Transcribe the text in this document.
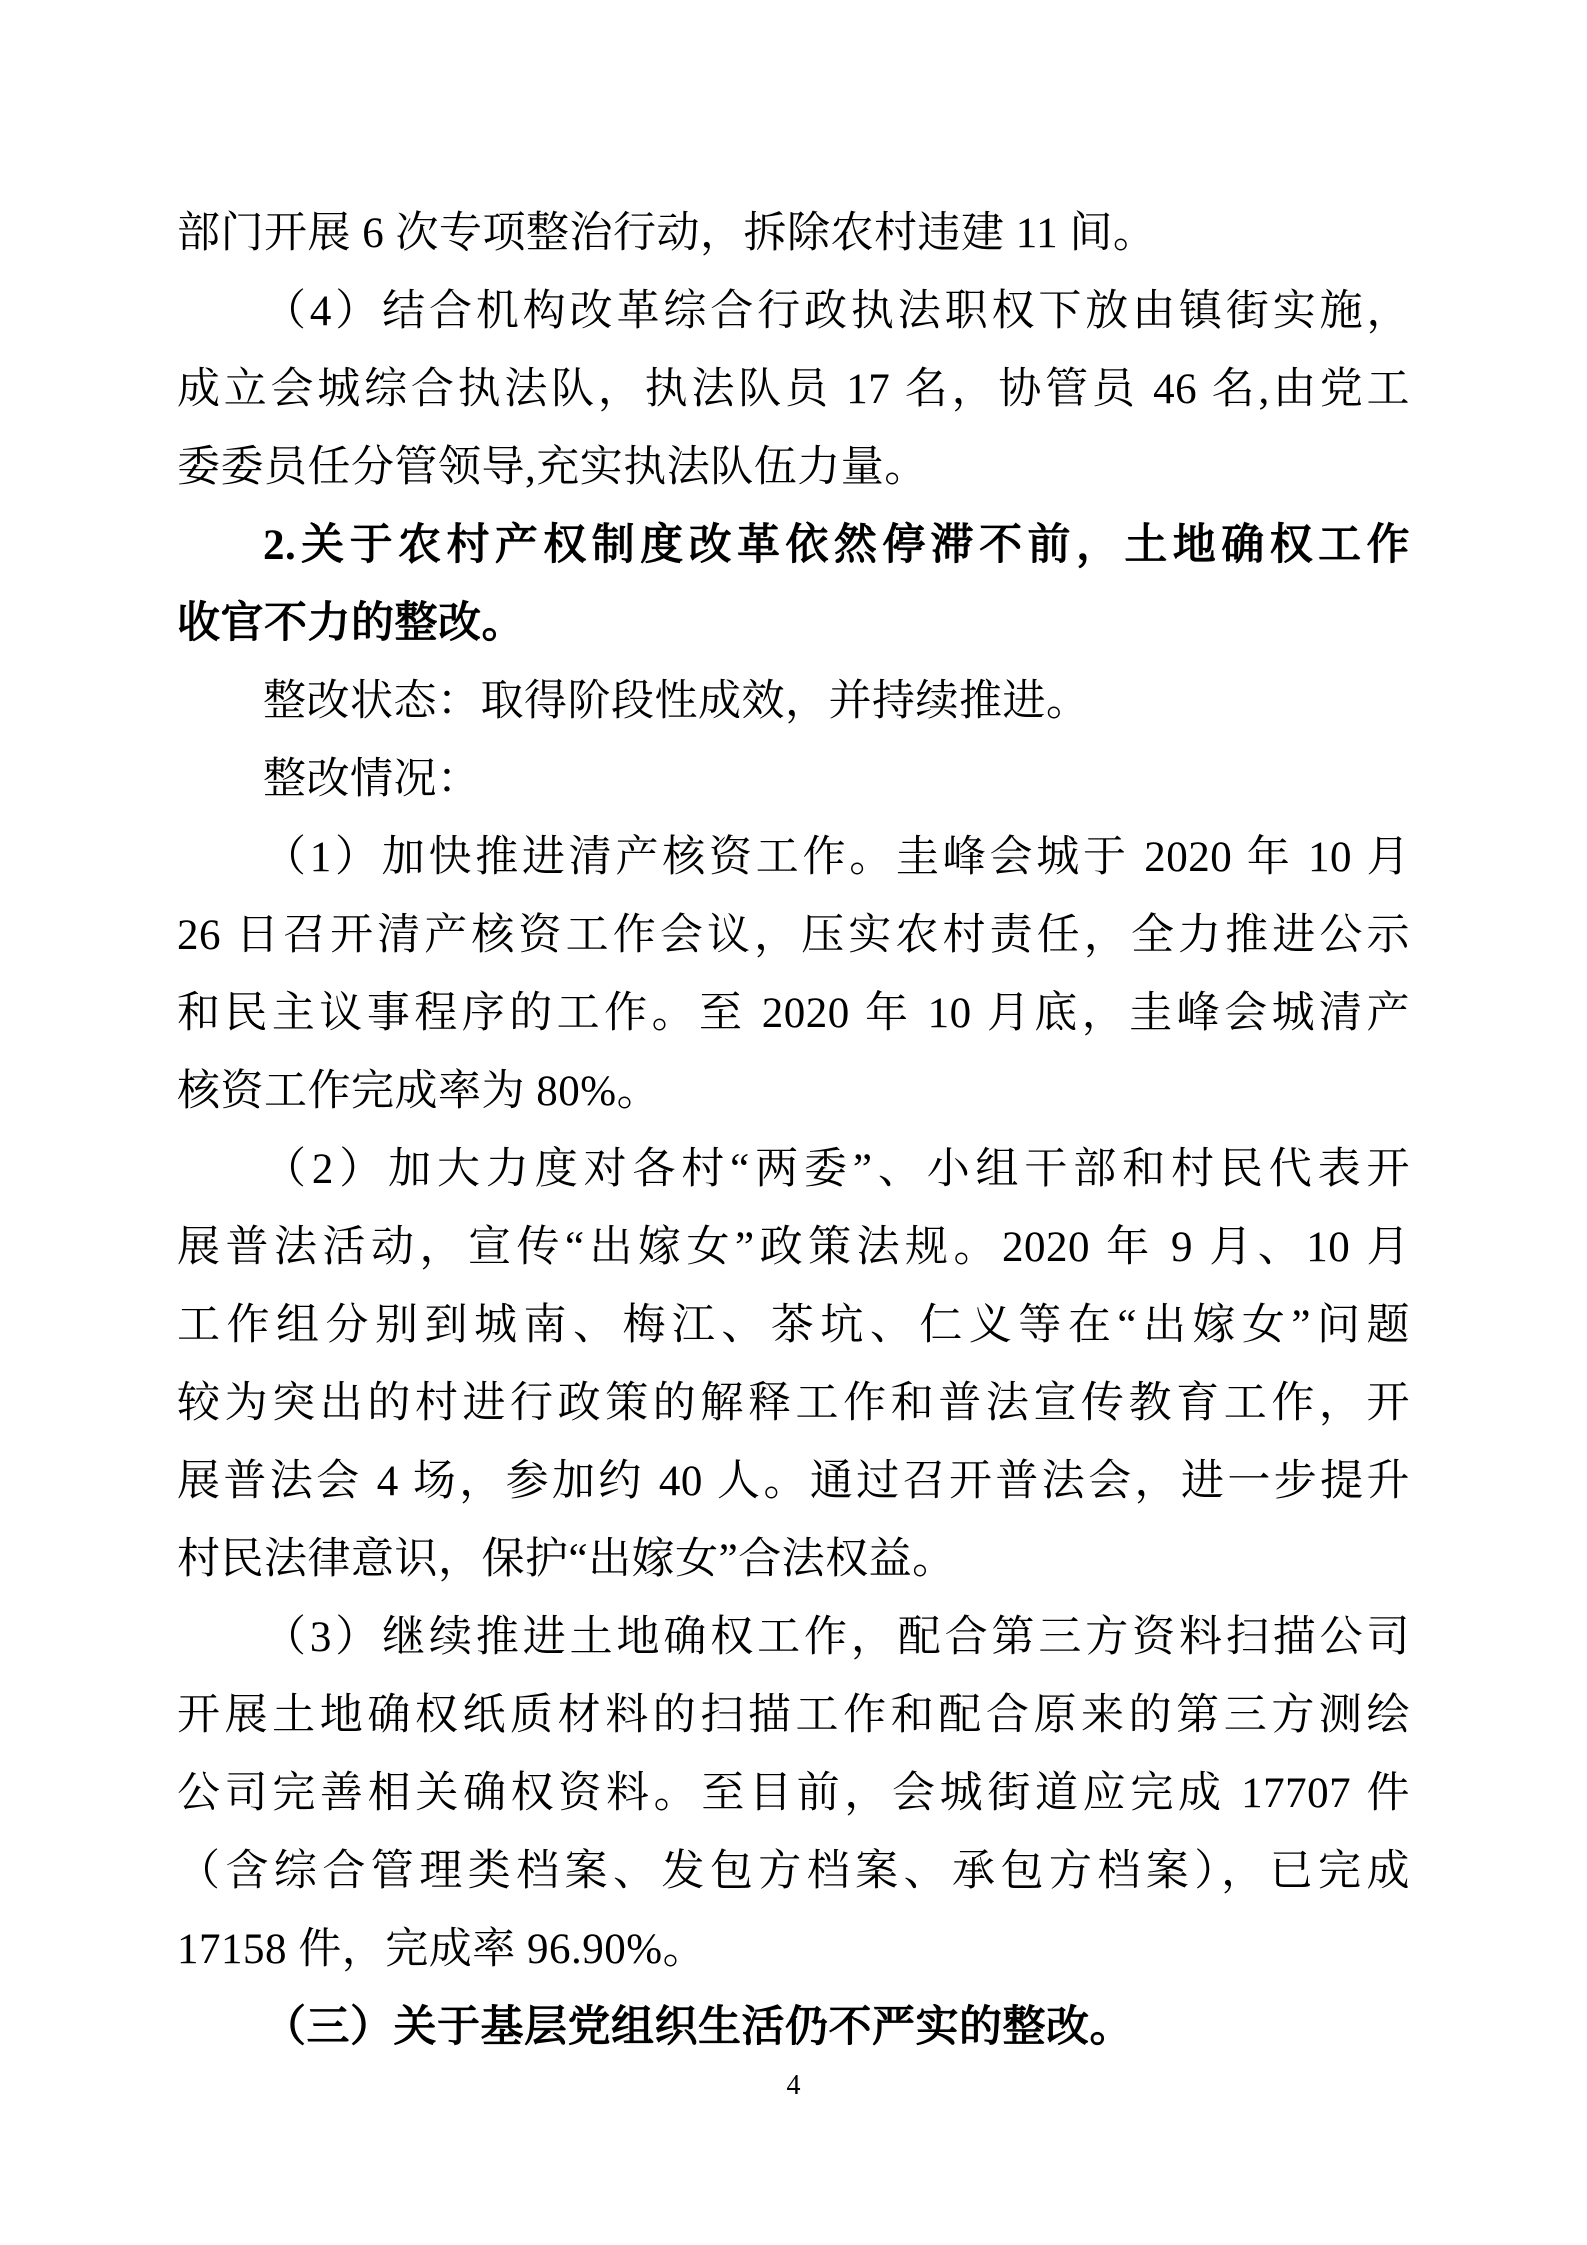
部门开展 6 次专项整治行动，拆除农村违建 11 间。
（4）结合机构改革综合行政执法职权下放由镇街实施，
成立会城综合执法队，执法队员 17 名，协管员 46 名,由党工
委委员任分管领导,充实执法队伍力量。
2.关于农村产权制度改革依然停滞不前，土地确权工作
收官不力的整改。
整改状态：取得阶段性成效，并持续推进。
整改情况：
（1）加快推进清产核资工作。圭峰会城于 2020 年 10 月
26 日召开清产核资工作会议，压实农村责任，全力推进公示
和民主议事程序的工作。至 2020 年 10 月底，圭峰会城清产
核资工作完成率为 80%。
（2）加大力度对各村“两委”、小组干部和村民代表开
展普法活动，宣传“出嫁女”政策法规。2020 年 9 月、10 月
工作组分别到城南、梅江、茶坑、仁义等在“出嫁女”问题
较为突出的村进行政策的解释工作和普法宣传教育工作，开
展普法会 4 场，参加约 40 人。通过召开普法会，进一步提升
村民法律意识，保护“出嫁女”合法权益。
（3）继续推进土地确权工作，配合第三方资料扫描公司
开展土地确权纸质材料的扫描工作和配合原来的第三方测绘
公司完善相关确权资料。至目前，会城街道应完成 17707 件
（含综合管理类档案、发包方档案、承包方档案），已完成
17158 件，完成率 96.90%。
（三）关于基层党组织生活仍不严实的整改。
4
